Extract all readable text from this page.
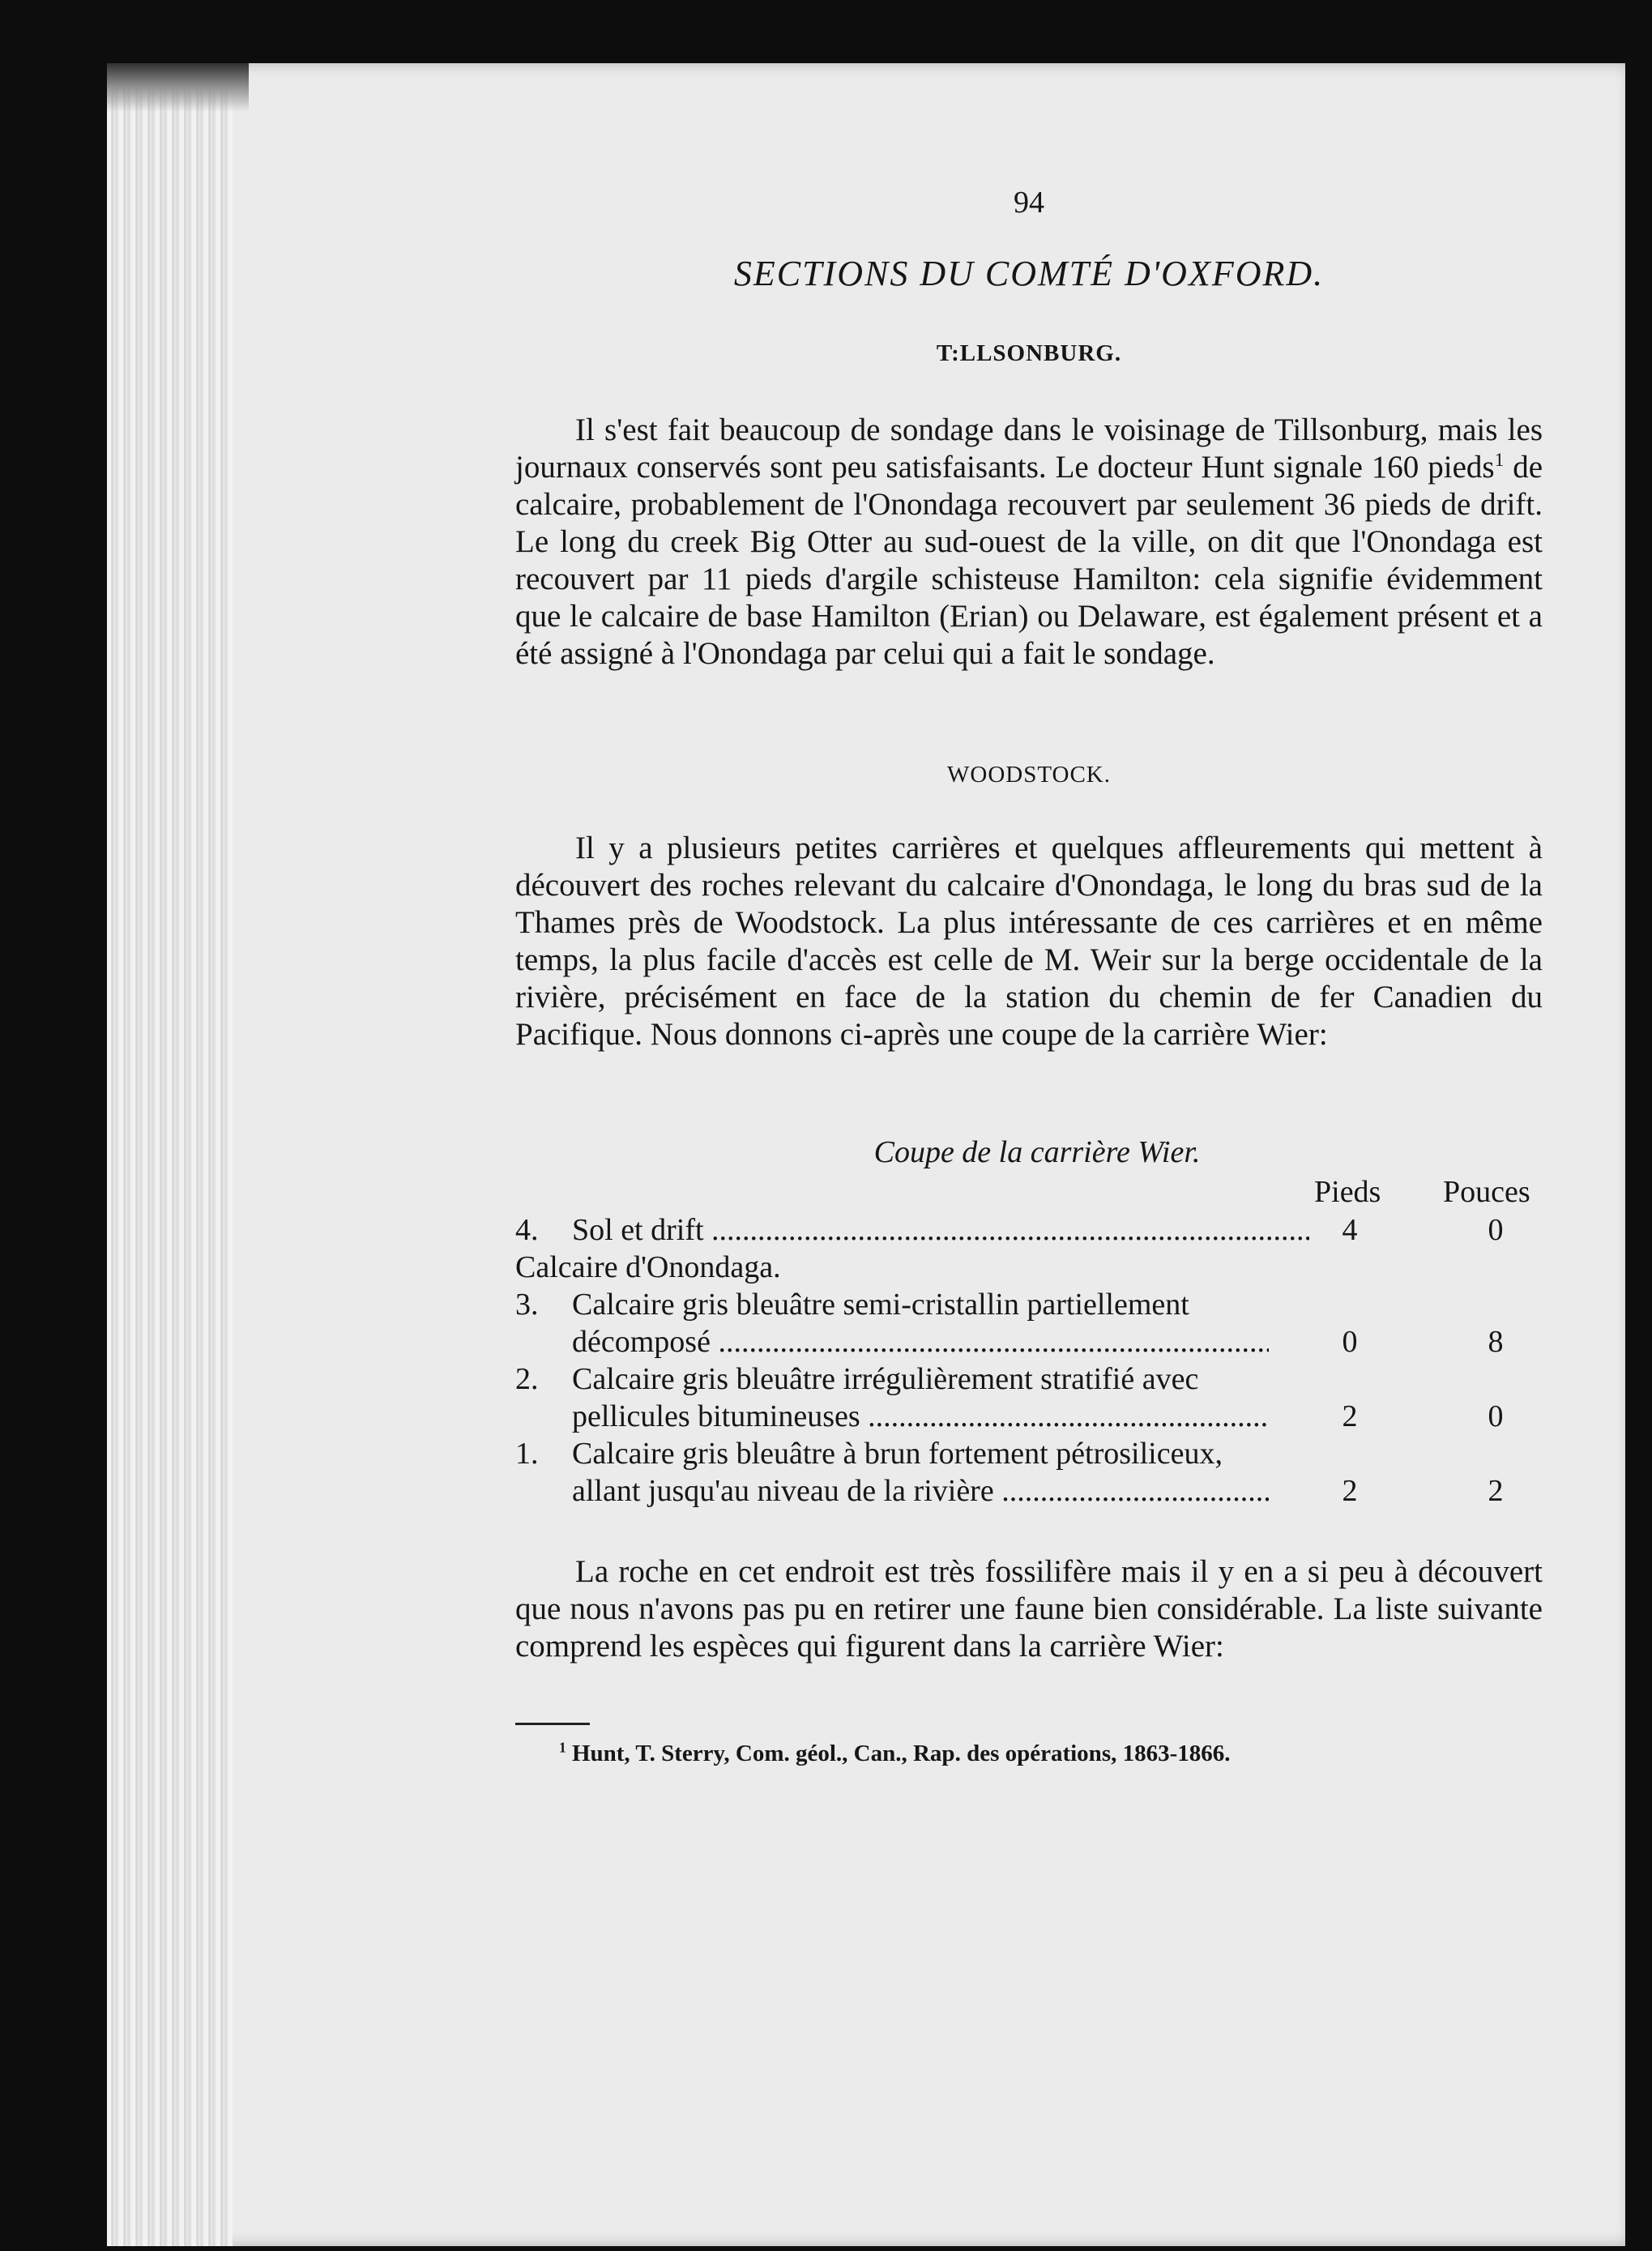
94
SECTIONS DU COMTÉ D'OXFORD.
T:LLSONBURG.
Il s'est fait beaucoup de sondage dans le voisinage de Tillsonburg, mais les journaux conservés sont peu satisfaisants. Le docteur Hunt signale 160 pieds$^1$ de calcaire, probablement de l'Onondaga recouvert par seulement 36 pieds de drift. Le long du creek Big Otter au sud-ouest de la ville, on dit que l'Onondaga est recouvert par 11 pieds d'argile schisteuse Hamilton: cela signifie évidemment que le calcaire de base Hamilton (Erian) ou Delaware, est également présent et a été assigné à l'Onondaga par celui qui a fait le sondage.
WOODSTOCK.
Il y a plusieurs petites carrières et quelques affleurements qui mettent à découvert des roches relevant du calcaire d'Onondaga, le long du bras sud de la Thames près de Woodstock. La plus intéressante de ces carrières et en même temps, la plus facile d'accès est celle de M. Weir sur la berge occidentale de la rivière, précisément en face de la station du chemin de fer Canadien du Pacifique. Nous donnons ci-après une coupe de la carrière Wier:
Coupe de la carrière Wier.
Pieds Pouces
4. Sol et drift .....	4	0
Calcaire d'Onondaga.
3. Calcaire gris bleuâtre semi-cristallin partiellement
décomposé .....	0	8
2. Calcaire gris bleuâtre irrégulièrement stratifié avec
pellicules bitumineuses .....	2	0
1. Calcaire gris bleuâtre à brun fortement pétrosiliceux,
allant jusqu'au niveau de la rivière .....	2	2
La roche en cet endroit est très fossilifère mais il y en a si peu à découvert que nous n'avons pas pu en retirer une faune bien considérable. La liste suivante comprend les espèces qui figurent dans la carrière Wier:
$^1$ Hunt, T. Sterry, Com. géol., Can., Rap. des opérations, 1863-1866.
